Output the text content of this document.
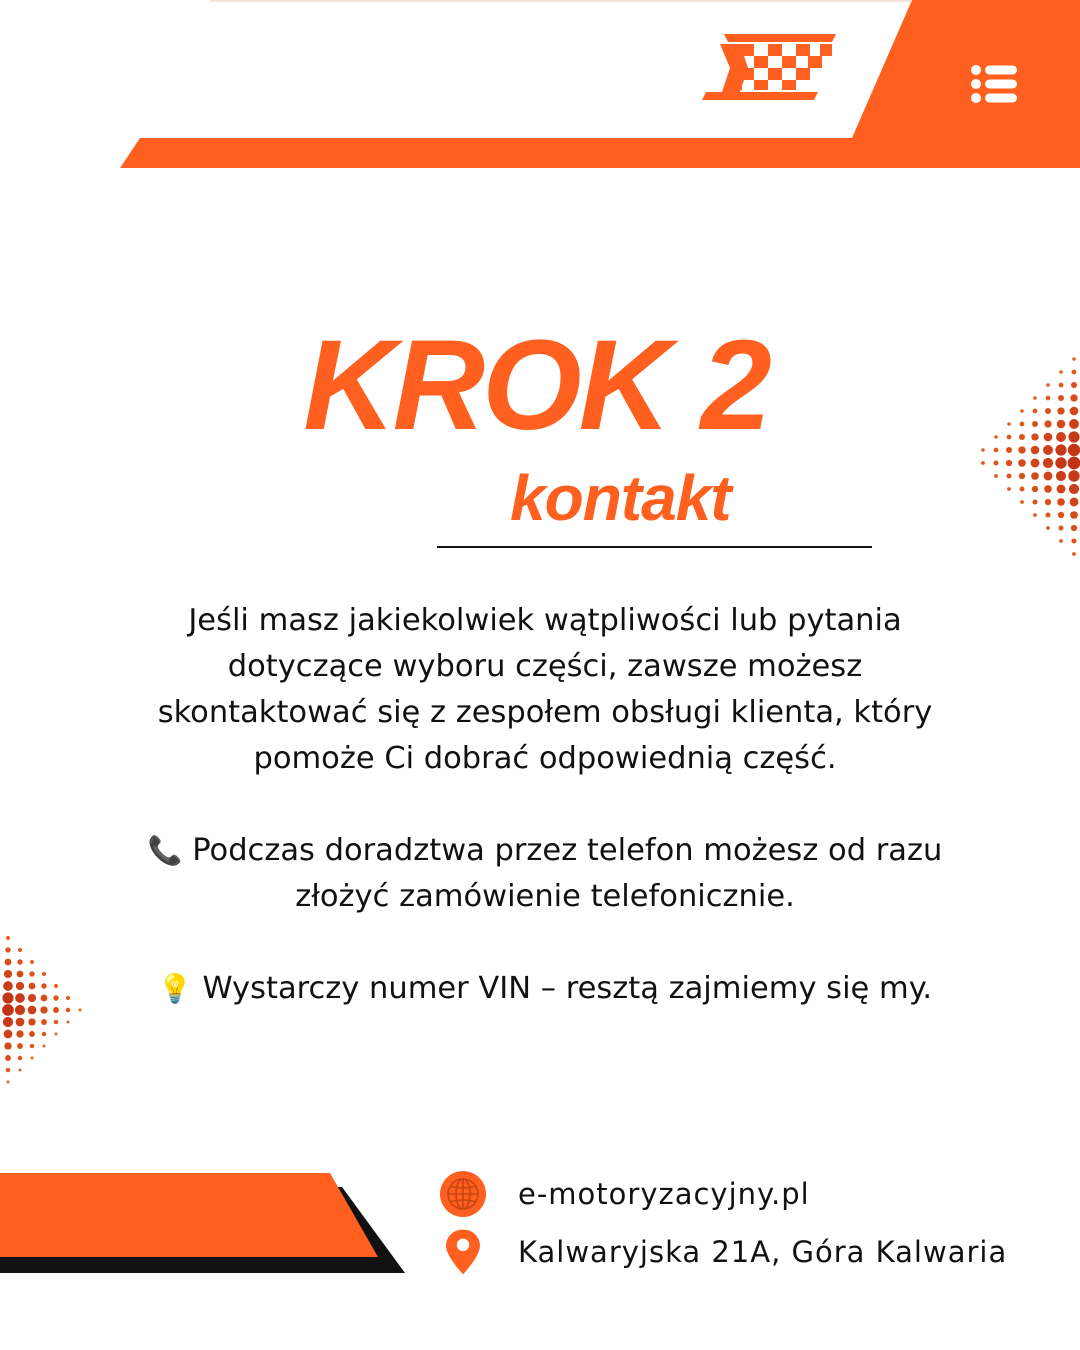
KROK 2
kontakt

Jeśli masz jakiekolwiek wątpliwości lub pytania dotyczące wyboru części, zawsze możesz skontaktować się z zespołem obsługi klienta, który pomoże Ci dobrać odpowiednią część.

📞 Podczas doradztwa przez telefon możesz od razu złożyć zamówienie telefonicznie.

💡 Wystarczy numer VIN – resztą zajmiemy się my.

e-motoryzacyjny.pl
Kalwaryjska 21A, Góra Kalwaria
